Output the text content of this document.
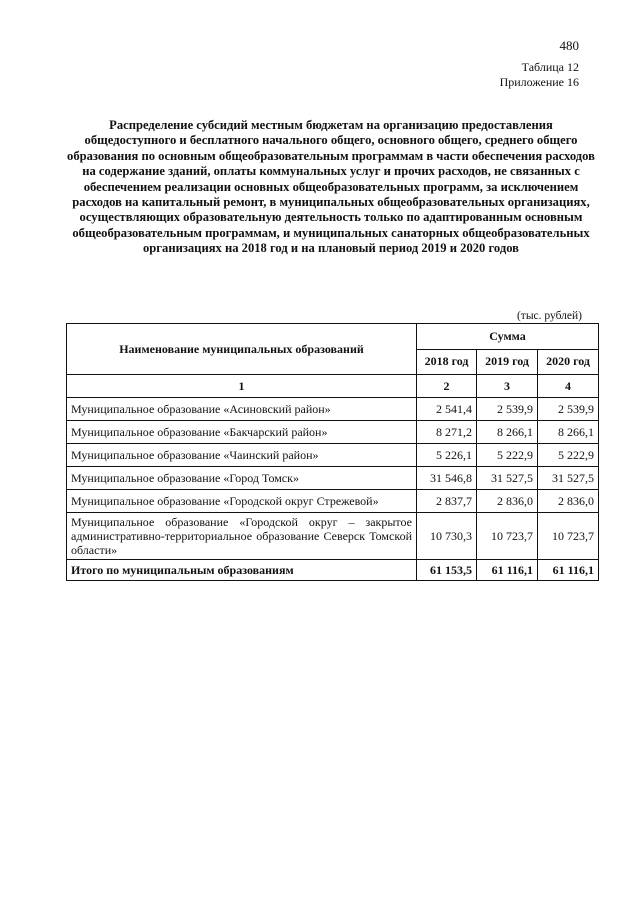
480
Таблица 12
Приложение 16
Распределение субсидий местным бюджетам на организацию предоставления общедоступного и бесплатного начального общего, основного общего, среднего общего образования по основным общеобразовательным программам в части обеспечения расходов на содержание зданий, оплаты коммунальных услуг и прочих расходов, не связанных с обеспечением реализации основных общеобразовательных программ, за исключением расходов на капитальный ремонт, в муниципальных общеобразовательных организациях, осуществляющих образовательную деятельность только по адаптированным основным общеобразовательным программам, и муниципальных санаторных общеобразовательных организациях на 2018 год и на плановый период 2019 и 2020 годов
(тыс. рублей)
Наименование муниципальных образований	Сумма		
	2018 год	2019 год	2020 год
1	2	3	4
Муниципальное образование «Асиновский район»	2 541,4	2 539,9	2 539,9
Муниципальное образование «Бакчарский район»	8 271,2	8 266,1	8 266,1
Муниципальное образование «Чаинский район»	5 226,1	5 222,9	5 222,9
Муниципальное образование «Город Томск»	31 546,8	31 527,5	31 527,5
Муниципальное образование «Городской округ Стрежевой»	2 837,7	2 836,0	2 836,0
Муниципальное образование «Городской округ – закрытое административно-территориальное образование Северск Томской области»	10 730,3	10 723,7	10 723,7
Итого по муниципальным образованиям	61 153,5	61 116,1	61 116,1
